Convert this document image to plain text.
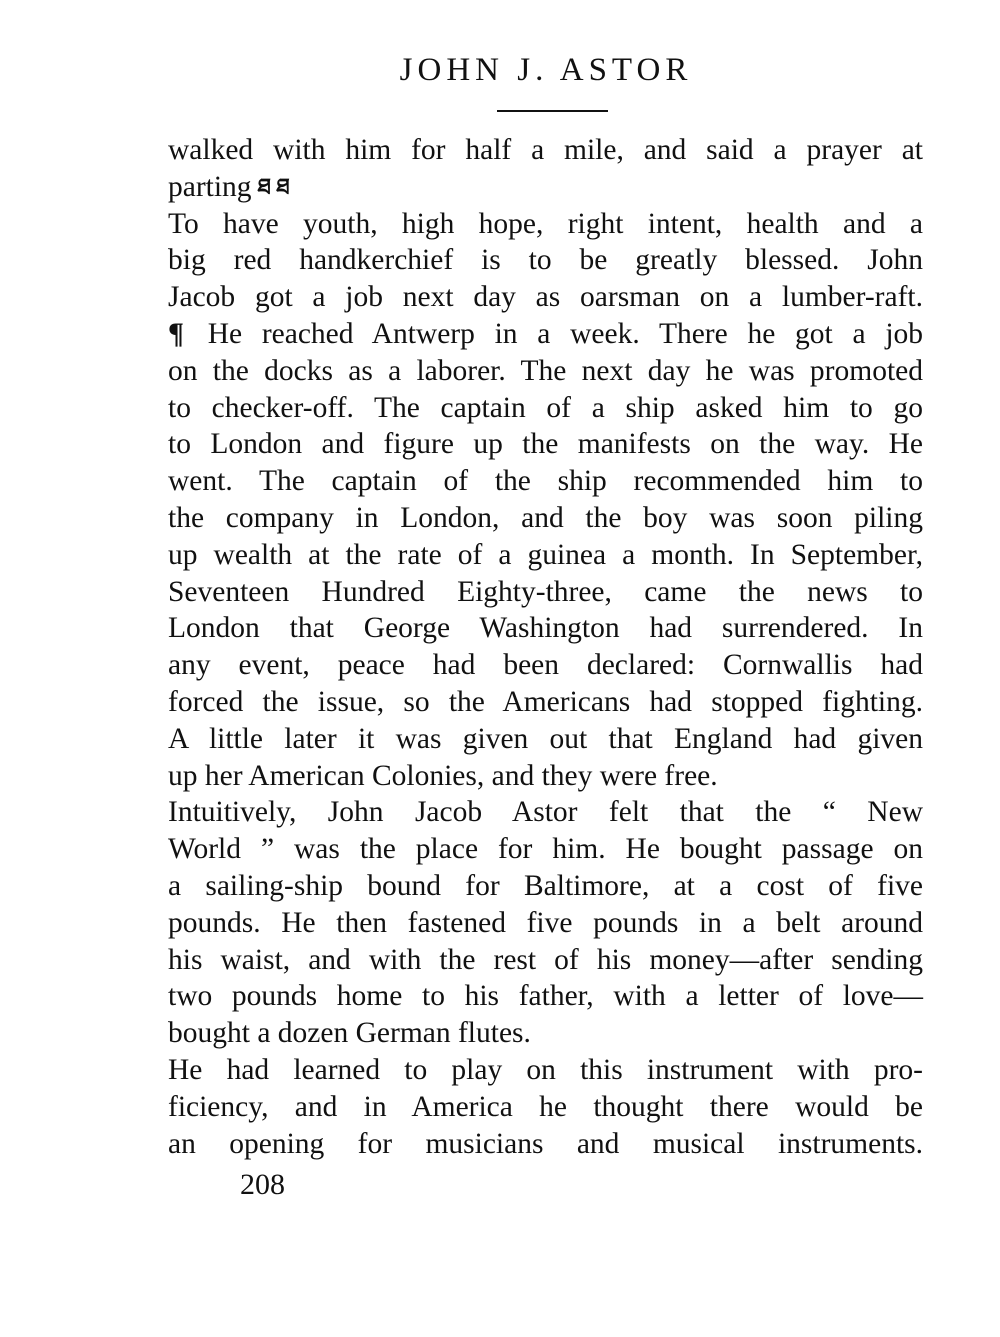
JOHN J. ASTOR
walked with him for half a mile, and said a prayer at
parting ཐ ཐ
To have youth, high hope, right intent, health and a
big red handkerchief is to be greatly blessed. John
Jacob got a job next day as oarsman on a lumber-raft.
¶ He reached Antwerp in a week. There he got a job
on the docks as a laborer. The next day he was promoted
to checker-off. The captain of a ship asked him to go
to London and figure up the manifests on the way. He
went. The captain of the ship recommended him to
the company in London, and the boy was soon piling
up wealth at the rate of a guinea a month. In September,
Seventeen Hundred Eighty-three, came the news to
London that George Washington had surrendered. In
any event, peace had been declared: Cornwallis had
forced the issue, so the Americans had stopped fighting.
A little later it was given out that England had given
up her American Colonies, and they were free.
Intuitively, John Jacob Astor felt that the “ New
World ” was the place for him. He bought passage on
a sailing-ship bound for Baltimore, at a cost of five
pounds. He then fastened five pounds in a belt around
his waist, and with the rest of his money—after sending
two pounds home to his father, with a letter of love—
bought a dozen German flutes.
He had learned to play on this instrument with pro-
ficiency, and in America he thought there would be
an opening for musicians and musical instruments.
208
